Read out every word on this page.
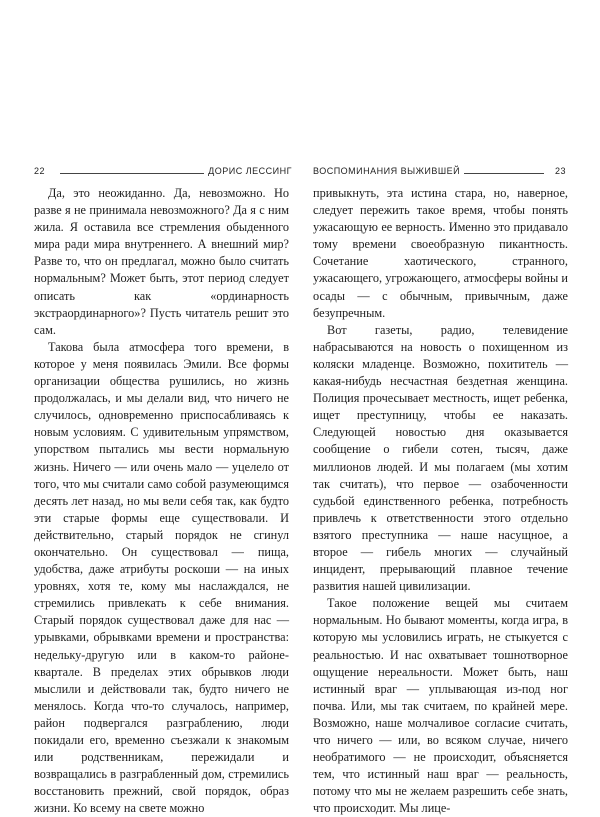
22	ДОРИС ЛЕССИНГ ВОСПОМИНАНИЯ ВЫЖИВШЕЙ	23

Да, это неожиданно. Да, невозможно. Но разве я не принимала невозможного? Да я с ним жила. Я оставила все стремления обыденного мира ради мира внутреннего. А внешний мир? Разве то, что он предлагал, можно было считать нормальным? Может быть, этот период следует описать как «ординарность экстраординарного»? Пусть читатель решит это сам.

Такова была атмосфера того времени, в которое у меня появилась Эмили. Все формы организации общества рушились, но жизнь продолжалась, и мы делали вид, что ничего не случилось, одновременно приспосабливаясь к новым условиям. С удивительным упрямством, упорством пытались мы вести нормальную жизнь. Ничего — или очень мало — уцелело от того, что мы считали само собой разумеющимся десять лет назад, но мы вели себя так, как будто эти старые формы еще существовали. И действительно, старый порядок не сгинул окончательно. Он существовал — пища, удобства, даже атрибуты роскоши — на иных уровнях, хотя те, кому мы наслаждался, не стремились привлекать к себе внимания. Старый порядок существовал даже для нас — урывками, обрывками времени и пространства: недельку-другую или в каком-то районе-квартале. В пределах этих обрывков люди мыслили и действовали так, будто ничего не менялось. Когда что-то случалось, например, район подвергался разграблению, люди покидали его, временно съезжали к знакомым или родственникам, пережидали и возвращались в разграбленный дом, стремились восстановить прежний, свой порядок, образ жизни. Ко всему на свете можно

привыкнуть, эта истина стара, но, наверное, следует пережить такое время, чтобы понять ужасающую ее верность. Именно это придавало тому времени своеобразную пикантность. Сочетание хаотического, странного, ужасающего, угрожающего, атмосферы войны и осады — с обычным, привычным, даже безупречным.

Вот газеты, радио, телевидение набрасываются на новость о похищенном из коляски младенце. Возможно, похититель — какая-нибудь несчастная бездетная женщина. Полиция прочесывает местность, ищет ребенка, ищет преступницу, чтобы ее наказать. Следующей новостью дня оказывается сообщение о гибели сотен, тысяч, даже миллионов людей. И мы полагаем (мы хотим так считать), что первое — озабоченности судьбой единственного ребенка, потребность привлечь к ответственности этого отдельно взятого преступника — наше насущное, а второе — гибель многих — случайный инцидент, прерывающий плавное течение развития нашей цивилизации.

Такое положение вещей мы считаем нормальным. Но бывают моменты, когда игра, в которую мы условились играть, не стыкуется с реальностью. И нас охватывает тошнотворное ощущение нереальности. Может быть, наш истинный враг — уплывающая из-под ног почва. Или, мы так считаем, по крайней мере. Возможно, наше молчаливое согласие считать, что ничего — или, во всяком случае, ничего необратимого — не происходит, объясняется тем, что истинный наш враг — реальность, потому что мы не желаем разрешить себе знать, что происходит. Мы лице-
